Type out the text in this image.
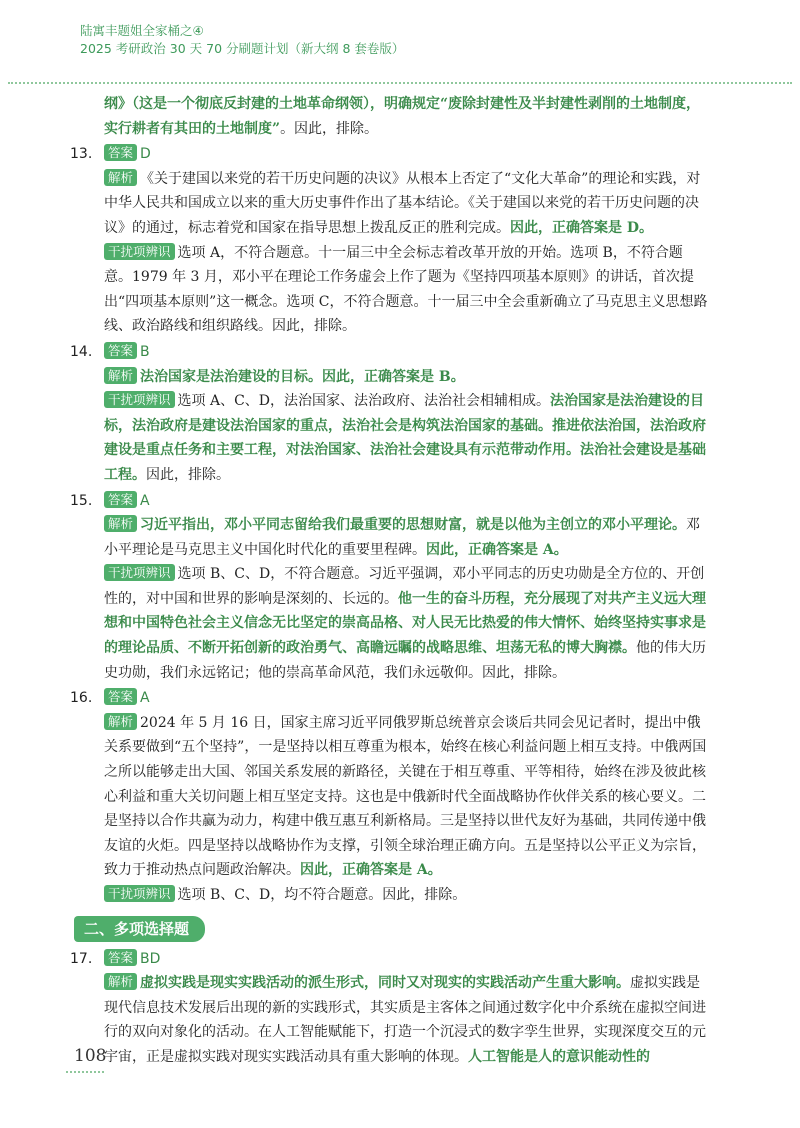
陆寓丰题姐全家桶之④
2025 考研政治 30 天 70 分刷题计划（新大纲 8 套卷版）

纲》（这是一个彻底反封建的土地革命纲领），明确规定“废除封建性及半封建性剥削的土地制度，
实行耕者有其田的土地制度”。因此，排除。

13. 答案 D

解析 《关于建国以来党的若干历史问题的决议》从根本上否定了“文化大革命”的理论和实践，对中华人民共和国成立以来的重大历史事件作出了基本结论。《关于建国以来党的若干历史问题的决议》的通过，标志着党和国家在指导思想上拨乱反正的胜利完成。因此，正确答案是 D。

干扰项辨识 选项 A，不符合题意。十一届三中全会标志着改革开放的开始。选项 B，不符合题意。1979 年 3 月，邓小平在理论工作务虚会上作了题为《坚持四项基本原则》的讲话，首次提出“四项基本原则”这一概念。选项 C，不符合题意。十一届三中全会重新确立了马克思主义思想路线、政治路线和组织路线。因此，排除。

14. 答案 B

解析 法治国家是法治建设的目标。因此，正确答案是 B。

干扰项辨识 选项 A、C、D，法治国家、法治政府、法治社会相辅相成。法治国家是法治建设的目标，法治政府是建设法治国家的重点，法治社会是构筑法治国家的基础。推进依法治国，法治政府建设是重点任务和主要工程，对法治国家、法治社会建设具有示范带动作用。法治社会建设是基础工程。因此，排除。

15. 答案 A

解析 习近平指出，邓小平同志留给我们最重要的思想财富，就是以他为主创立的邓小平理论。邓小平理论是马克思主义中国化时代化的重要里程碑。因此，正确答案是 A。

干扰项辨识 选项 B、C、D，不符合题意。习近平强调，邓小平同志的历史功勋是全方位的、开创性的，对中国和世界的影响是深刻的、长远的。他一生的奋斗历程，充分展现了对共产主义远大理想和中国特色社会主义信念无比坚定的崇高品格、对人民无比热爱的伟大情怀、始终坚持实事求是的理论品质、不断开拓创新的政治勇气、高瞻远瞩的战略思维、坦荡无私的博大胸襟。他的伟大历史功勋，我们永远铭记；他的崇高革命风范，我们永远敬仰。因此，排除。

16. 答案 A

解析 2024 年 5 月 16 日，国家主席习近平同俄罗斯总统普京会谈后共同会见记者时，提出中俄关系要做到“五个坚持”，一是坚持以相互尊重为根本，始终在核心利益问题上相互支持。中俄两国之所以能够走出大国、邻国关系发展的新路径，关键在于相互尊重、平等相待，始终在涉及彼此核心利益和重大关切问题上相互坚定支持。这也是中俄新时代全面战略协作伙伴关系的核心要义。二是坚持以合作共赢为动力，构建中俄互惠互利新格局。三是坚持以世代友好为基础，共同传递中俄友谊的火炬。四是坚持以战略协作为支撑，引领全球治理正确方向。五是坚持以公平正义为宗旨，致力于推动热点问题政治解决。因此，正确答案是 A。

干扰项辨识 选项 B、C、D，均不符合题意。因此，排除。

二、多项选择题

17. 答案 BD

解析 虚拟实践是现实实践活动的派生形式，同时又对现实的实践活动产生重大影响。虚拟实践是现代信息技术发展后出现的新的实践形式，其实质是主客体之间通过数字化中介系统在虚拟空间进行的双向对象化的活动。在人工智能赋能下，打造一个沉浸式的数字孪生世界，实现深度交互的元宇宙，正是虚拟实践对现实实践活动具有重大影响的体现。人工智能是人的意识能动性的

108
